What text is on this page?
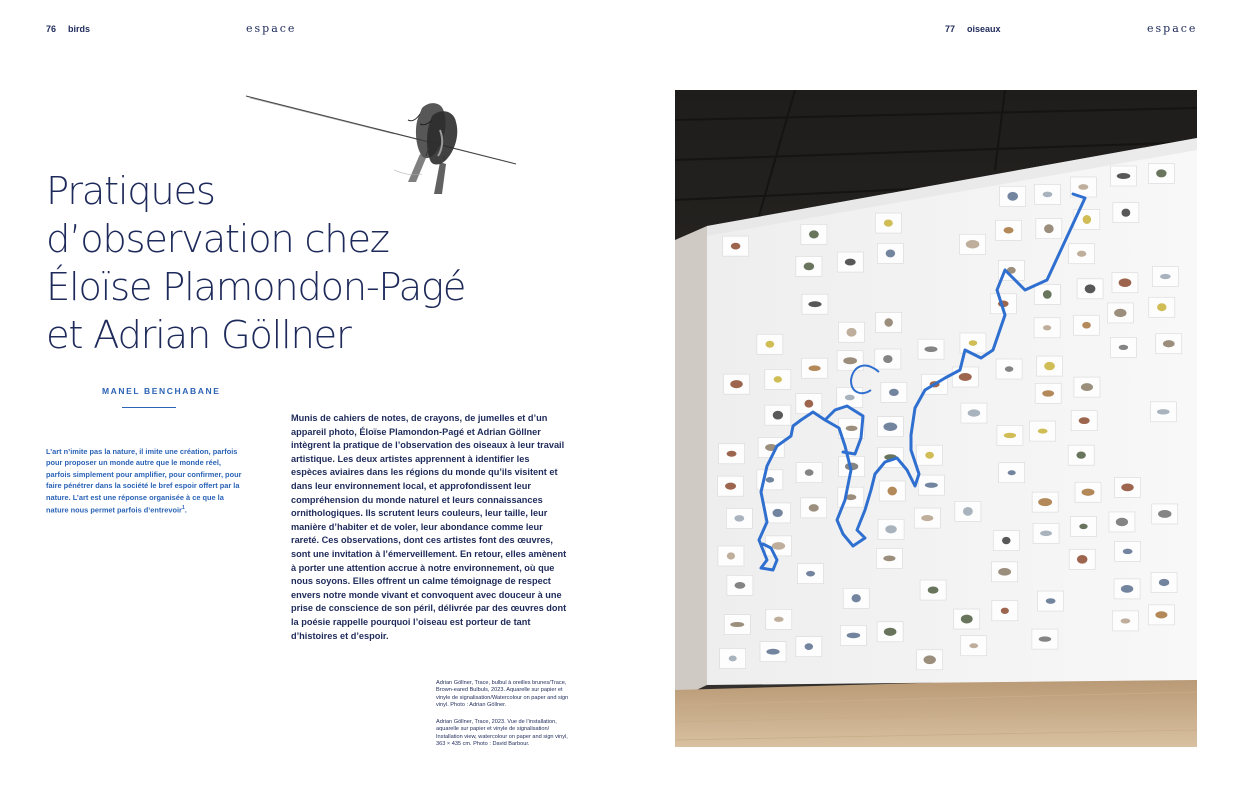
76 birds	espace
Pratiques
d’observation chez
Éloïse Plamondon-Pagé
et Adrian Göllner
MANEL BENCHABANE

L’art n’imite pas la nature, il imite une création, parfois pour proposer un monde autre que le monde réel, parfois simplement pour amplifier, pour confirmer, pour faire pénétrer dans la société le bref espoir offert par la nature. L’art est une réponse organisée à ce que la nature nous permet parfois d’entrevoir$^1$.

Munis de cahiers de notes, de crayons, de jumelles et d’un appareil photo, Éloïse Plamondon-Pagé et Adrian Göllner intègrent la pratique de l’observation des oiseaux à leur travail artistique. Les deux artistes apprennent à identifier les espèces aviaires dans les régions du monde qu’ils visitent et dans leur environnement local, et approfondissent leur compréhension du monde naturel et leurs connaissances ornithologiques. Ils scrutent leurs couleurs, leur taille, leur manière d’habiter et de voler, leur abondance comme leur rareté. Ces observations, dont ces artistes font des œuvres, sont une invitation à l’émerveillement. En retour, elles amènent à porter une attention accrue à notre environnement, où que nous soyons. Elles offrent un calme témoignage de respect envers notre monde vivant et convoquent avec douceur à une prise de conscience de son péril, délivrée par des œuvres dont la poésie rappelle pourquoi l’oiseau est porteur de tant d’histoires et d’espoir.

Adrian Göllner, Trace, bulbul à oreilles brunes/Trace, Brown-eared Bulbuls, 2023. Aquarelle sur papier et vinyle de signalisation/Watercolour on paper and sign vinyl. Photo : Adrian Göllner.

Adrian Göllner, Trace, 2023. Vue de l’installation, aquarelle sur papier et vinyle de signalisation/ Installation view, watercolour on paper and sign vinyl, 363 × 435 cm. Photo : David Barbour.

77 oiseaux	espace
